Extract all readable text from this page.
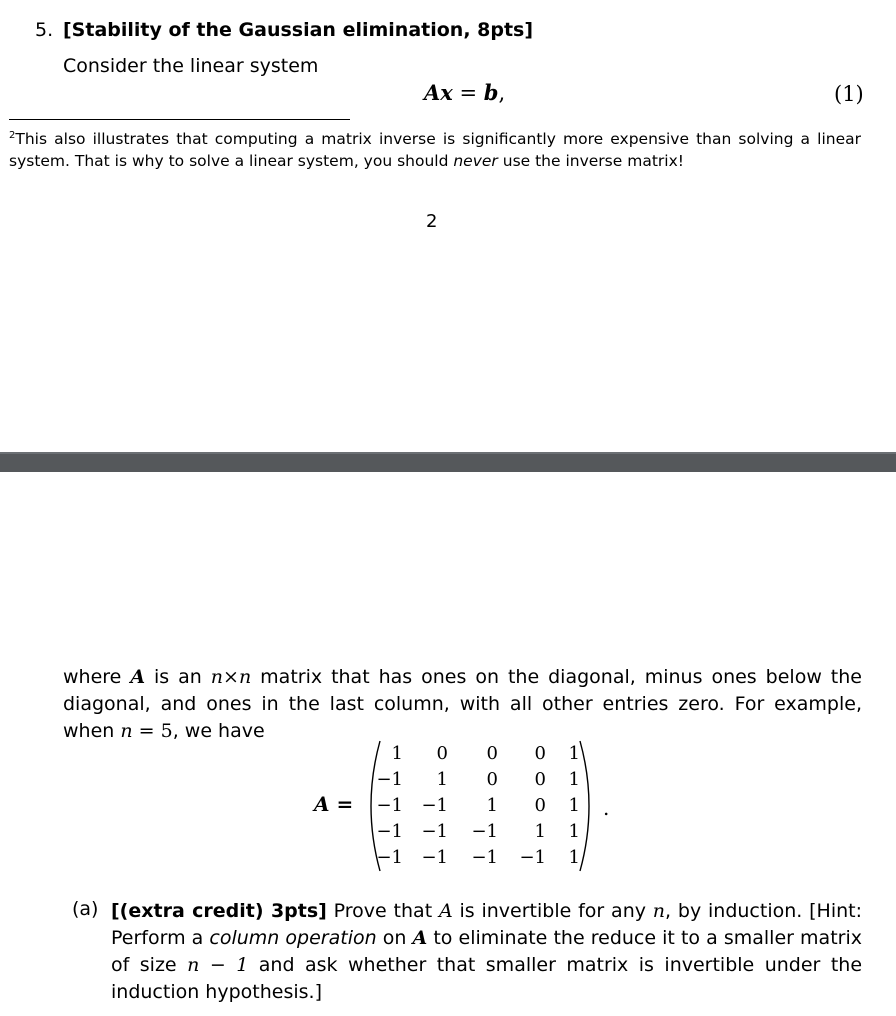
5. [Stability of the Gaussian elimination, 8pts]
Consider the linear system
Ax = b,	(1)
$^2$This also illustrates that computing a matrix inverse is significantly more expensive than solving a linear system. That is why to solve a linear system, you should never use the inverse matrix!
2
where A is an n×n matrix that has ones on the diagonal, minus ones below the diagonal, and ones in the last column, with all other entries zero. For example, when n = 5, we have
A =
1	0	0	0	1
−1	1	0	0	1
−1	−1	1	0	1
−1	−1	−1	1	1
−1	−1	−1	−1	1
.
(a) [(extra credit) 3pts] Prove that A is invertible for any n, by induction. [Hint: Perform a column operation on A to eliminate the reduce it to a smaller matrix of size n − 1 and ask whether that smaller matrix is invertible under the induction hypothesis.]
